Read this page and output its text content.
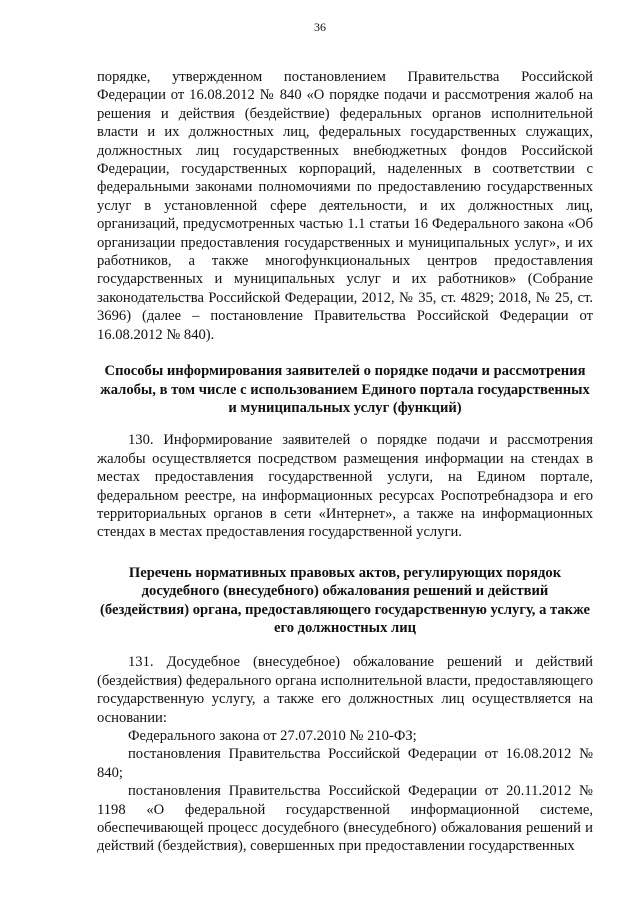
36

порядке, утвержденном постановлением Правительства Российской Федерации от 16.08.2012 № 840 «О порядке подачи и рассмотрения жалоб на решения и действия (бездействие) федеральных органов исполнительной власти и их должностных лиц, федеральных государственных служащих, должностных лиц государственных внебюджетных фондов Российской Федерации, государственных корпораций, наделенных в соответствии с федеральными законами полномочиями по предоставлению государственных услуг в установленной сфере деятельности, и их должностных лиц, организаций, предусмотренных частью 1.1 статьи 16 Федерального закона «Об организации предоставления государственных и муниципальных услуг», и их работников, а также многофункциональных центров предоставления государственных и муниципальных услуг и их работников» (Собрание законодательства Российской Федерации, 2012, № 35, ст. 4829; 2018, № 25, ст. 3696) (далее – постановление Правительства Российской Федерации от 16.08.2012 № 840).

Способы информирования заявителей о порядке подачи и рассмотрения жалобы, в том числе с использованием Единого портала государственных и муниципальных услуг (функций)

130. Информирование заявителей о порядке подачи и рассмотрения жалобы осуществляется посредством размещения информации на стендах в местах предоставления государственной услуги, на Едином портале, федеральном реестре, на информационных ресурсах Роспотребнадзора и его территориальных органов в сети «Интернет», а также на информационных стендах в местах предоставления государственной услуги.

Перечень нормативных правовых актов, регулирующих порядок досудебного (внесудебного) обжалования решений и действий (бездействия) органа, предоставляющего государственную услугу, а также его должностных лиц

131. Досудебное (внесудебное) обжалование решений и действий (бездействия) федерального органа исполнительной власти, предоставляющего государственную услугу, а также его должностных лиц осуществляется на основании:

Федерального закона от 27.07.2010 № 210-ФЗ;

постановления Правительства Российской Федерации от 16.08.2012 № 840;

постановления Правительства Российской Федерации от 20.11.2012 № 1198 «О федеральной государственной информационной системе, обеспечивающей процесс досудебного (внесудебного) обжалования решений и действий (бездействия), совершенных при предоставлении государственных
